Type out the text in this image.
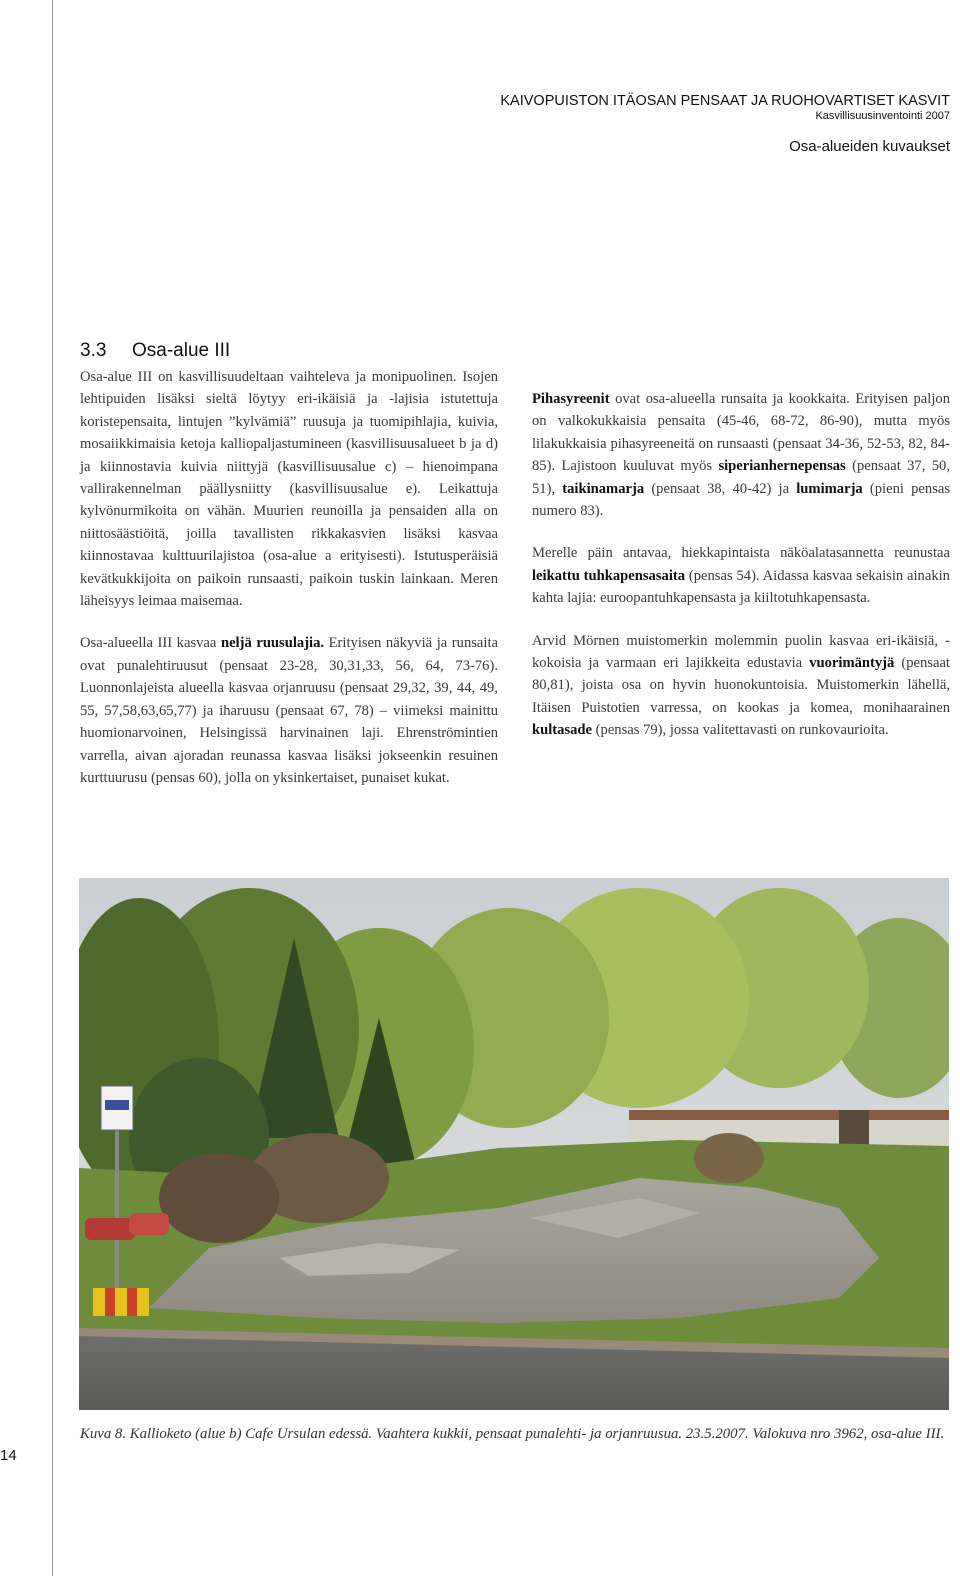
KAIVOPUISTON ITÄOSAN PENSAAT JA RUOHOVARTISET KASVIT
Kasvillisuusinventointi 2007
Osa-alueiden kuvaukset
3.3 Osa-alue III

Osa-alue III on kasvillisuudeltaan vaihteleva ja monipuolinen. Isojen lehtipuiden lisäksi sieltä löytyy eri-ikäisiä ja -lajisia istutettuja koristepensaita, lintujen ”kylvämiä” ruusuja ja tuomipihlajia, kuivia, mosaiikkimaisia ketoja kalliopaljastumineen (kasvillisuusalueet b ja d) ja kiinnostavia kuivia niittyjä (kasvillisuusalue c) – hienoimpana vallirakennelman päällysniitty (kasvillisuusalue e). Leikattuja kylvönurmikoita on vähän. Muurien reunoilla ja pensaiden alla on niittosäästiöitä, joilla tavallisten rikkakasvien lisäksi kasvaa kiinnostavaa kulttuurilajistoa (osa-alue a erityisesti). Istutusperäisiä kevätkukkijoita on paikoin runsaasti, paikoin tuskin lainkaan. Meren läheisyys leimaa maisemaa.

Osa-alueella III kasvaa neljä ruusulajia. Erityisen näkyviä ja runsaita ovat punalehtiruusut (pensaat 23-28, 30,31,33, 56, 64, 73-76). Luonnonlajeista alueella kasvaa orjanruusu (pensaat 29,32, 39, 44, 49, 55, 57,58,63,65,77) ja iharuusu (pensaat 67, 78) – viimeksi mainittu huomionarvoinen, Helsingissä harvinainen laji. Ehrenströmintien varrella, aivan ajoradan reunassa kasvaa lisäksi jokseenkin resuinen kurttuurusu (pensas 60), jolla on yksinkertaiset, punaiset kukat.

Pihasyreenit ovat osa-alueella runsaita ja kookkaita. Erityisen paljon on valkokukkaisia pensaita (45-46, 68-72, 86-90), mutta myös lilakukkaisia pihasyreeneitä on runsaasti (pensaat 34-36, 52-53, 82, 84-85). Lajistoon kuuluvat myös siperianhernepensas (pensaat 37, 50, 51), taikinamarja (pensaat 38, 40-42) ja lumimarja (pieni pensas numero 83).

Merelle päin antavaa, hiekkapintaista näköalatasannetta reunustaa leikattu tuhkapensasaita (pensas 54). Aidassa kasvaa sekaisin ainakin kahta lajia: euroopantuhkapensasta ja kiiltotuhkapensasta.

Arvid Mörnen muistomerkin molemmin puolin kasvaa eri-ikäisiä, -kokoisia ja varmaan eri lajikkeita edustavia vuorimäntyjä (pensaat 80,81), joista osa on hyvin huonokuntoisia. Muistomerkin lähellä, Itäisen Puistotien varressa, on kookas ja komea, monihaarainen kultasade (pensas 79), jossa valitettavasti on runkovaurioita.

Kuva 8. Kallioketo (alue b) Cafe Ursulan edessä. Vaahtera kukkii, pensaat punalehti- ja orjanruusua. 23.5.2007. Valokuva nro 3962, osa-alue III.
14
